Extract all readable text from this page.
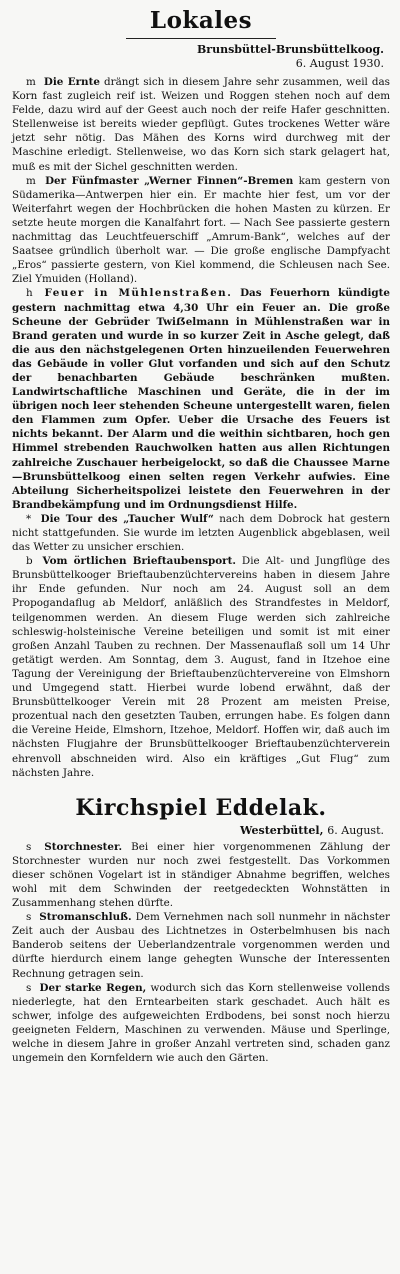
Lokales
Brunsbüttel-Brunsbüttelkoog.
6. August 1930.

m Die Ernte drängt sich in diesem Jahre sehr zusammen, weil das Korn fast zugleich reif ist. Weizen und Roggen stehen noch auf dem Felde, dazu wird auf der Geest auch noch der reife Hafer geschnitten. Stellenweise ist bereits wieder gepflügt. Gutes trockenes Wetter wäre jetzt sehr nötig. Das Mähen des Korns wird durchweg mit der Maschine erledigt. Stellenweise, wo das Korn sich stark gelagert hat, muß es mit der Sichel geschnitten werden.

m Der Fünfmaster „Werner Finnen“-Bremen kam gestern von Südamerika—Antwerpen hier ein. Er machte hier fest, um vor der Weiterfahrt wegen der Hochbrücken die hohen Masten zu kürzen. Er setzte heute morgen die Kanalfahrt fort. — Nach See passierte gestern nachmittag das Leuchtfeuerschiff „Amrum-Bank“, welches auf der Saatsee gründlich überholt war. — Die große englische Dampfyacht „Eros“ passierte gestern, von Kiel kommend, die Schleusen nach See. Ziel Ymuiden (Holland).

h Feuer in Mühlenstraßen. Das Feuerhorn kündigte gestern nachmittag etwa 4,30 Uhr ein Feuer an. Die große Scheune der Gebrüder Twiẞelmann in Mühlenstraßen war in Brand geraten und wurde in so kurzer Zeit in Asche gelegt, daß die aus den nächstgelegenen Orten hinzueilenden Feuerwehren das Gebäude in voller Glut vorfanden und sich auf den Schutz der benachbarten Gebäude beschränken mußten. Landwirtschaftliche Maschinen und Geräte, die in der im übrigen noch leer stehenden Scheune untergestellt waren, fielen den Flammen zum Opfer. Ueber die Ursache des Feuers ist nichts bekannt. Der Alarm und die weithin sichtbaren, hoch gen Himmel strebenden Rauchwolken hatten aus allen Richtungen zahlreiche Zuschauer herbeigelockt, so daß die Chaussee Marne—Brunsbüttelkoog einen selten regen Verkehr aufwies. Eine Abteilung Sicherheitspolizei leistete den Feuerwehren in der Brandbekämpfung und im Ordnungsdienst Hilfe.

* Die Tour des „Taucher Wulf“ nach dem Dobrock hat gestern nicht stattgefunden. Sie wurde im letzten Augenblick abgeblasen, weil das Wetter zu unsicher erschien.

b Vom örtlichen Brieftaubensport. Die Alt- und Jungflüge des Brunsbüttelkooger Brieftaubenzüchtervereins haben in diesem Jahre ihr Ende gefunden. Nur noch am 24. August soll an dem Propogandaflug ab Meldorf, anläßlich des Strandfestes in Meldorf, teilgenommen werden. An diesem Fluge werden sich zahlreiche schleswig-holsteinische Vereine beteiligen und somit ist mit einer großen Anzahl Tauben zu rechnen. Der Massenauflaß soll um 14 Uhr getätigt werden. Am Sonntag, dem 3. August, fand in Itzehoe eine Tagung der Vereinigung der Brieftaubenzüchtervereine von Elmshorn und Umgegend statt. Hierbei wurde lobend erwähnt, daß der Brunsbüttelkooger Verein mit 28 Prozent am meisten Preise, prozentual nach den gesetzten Tauben, errungen habe. Es folgen dann die Vereine Heide, Elmshorn, Itzehoe, Meldorf. Hoffen wir, daß auch im nächsten Flugjahre der Brunsbüttelkooger Brieftaubenzüchterverein ehrenvoll abschneiden wird. Also ein kräftiges „Gut Flug“ zum nächsten Jahre.

Kirchspiel Eddelak.
Westerbüttel, 6. August.

s Storchnester. Bei einer hier vorgenommenen Zählung der Storchnester wurden nur noch zwei festgestellt. Das Vorkommen dieser schönen Vogelart ist in ständiger Abnahme begriffen, welches wohl mit dem Schwinden der reetgedeckten Wohnstätten in Zusammenhang stehen dürfte.

s Stromanschluß. Dem Vernehmen nach soll nunmehr in nächster Zeit auch der Ausbau des Lichtnetzes in Osterbelmhusen bis nach Banderob seitens der Ueberlandzentrale vorgenommen werden und dürfte hierdurch einem lange gehegten Wunsche der Interessenten Rechnung getragen sein.

s Der starke Regen, wodurch sich das Korn stellenweise vollends niederlegte, hat den Erntearbeiten stark geschadet. Auch hält es schwer, infolge des aufgeweichten Erdbodens, bei sonst noch hierzu geeigneten Feldern, Maschinen zu verwenden. Mäuse und Sperlinge, welche in diesem Jahre in großer Anzahl vertreten sind, schaden ganz ungemein den Kornfeldern wie auch den Gärten.
